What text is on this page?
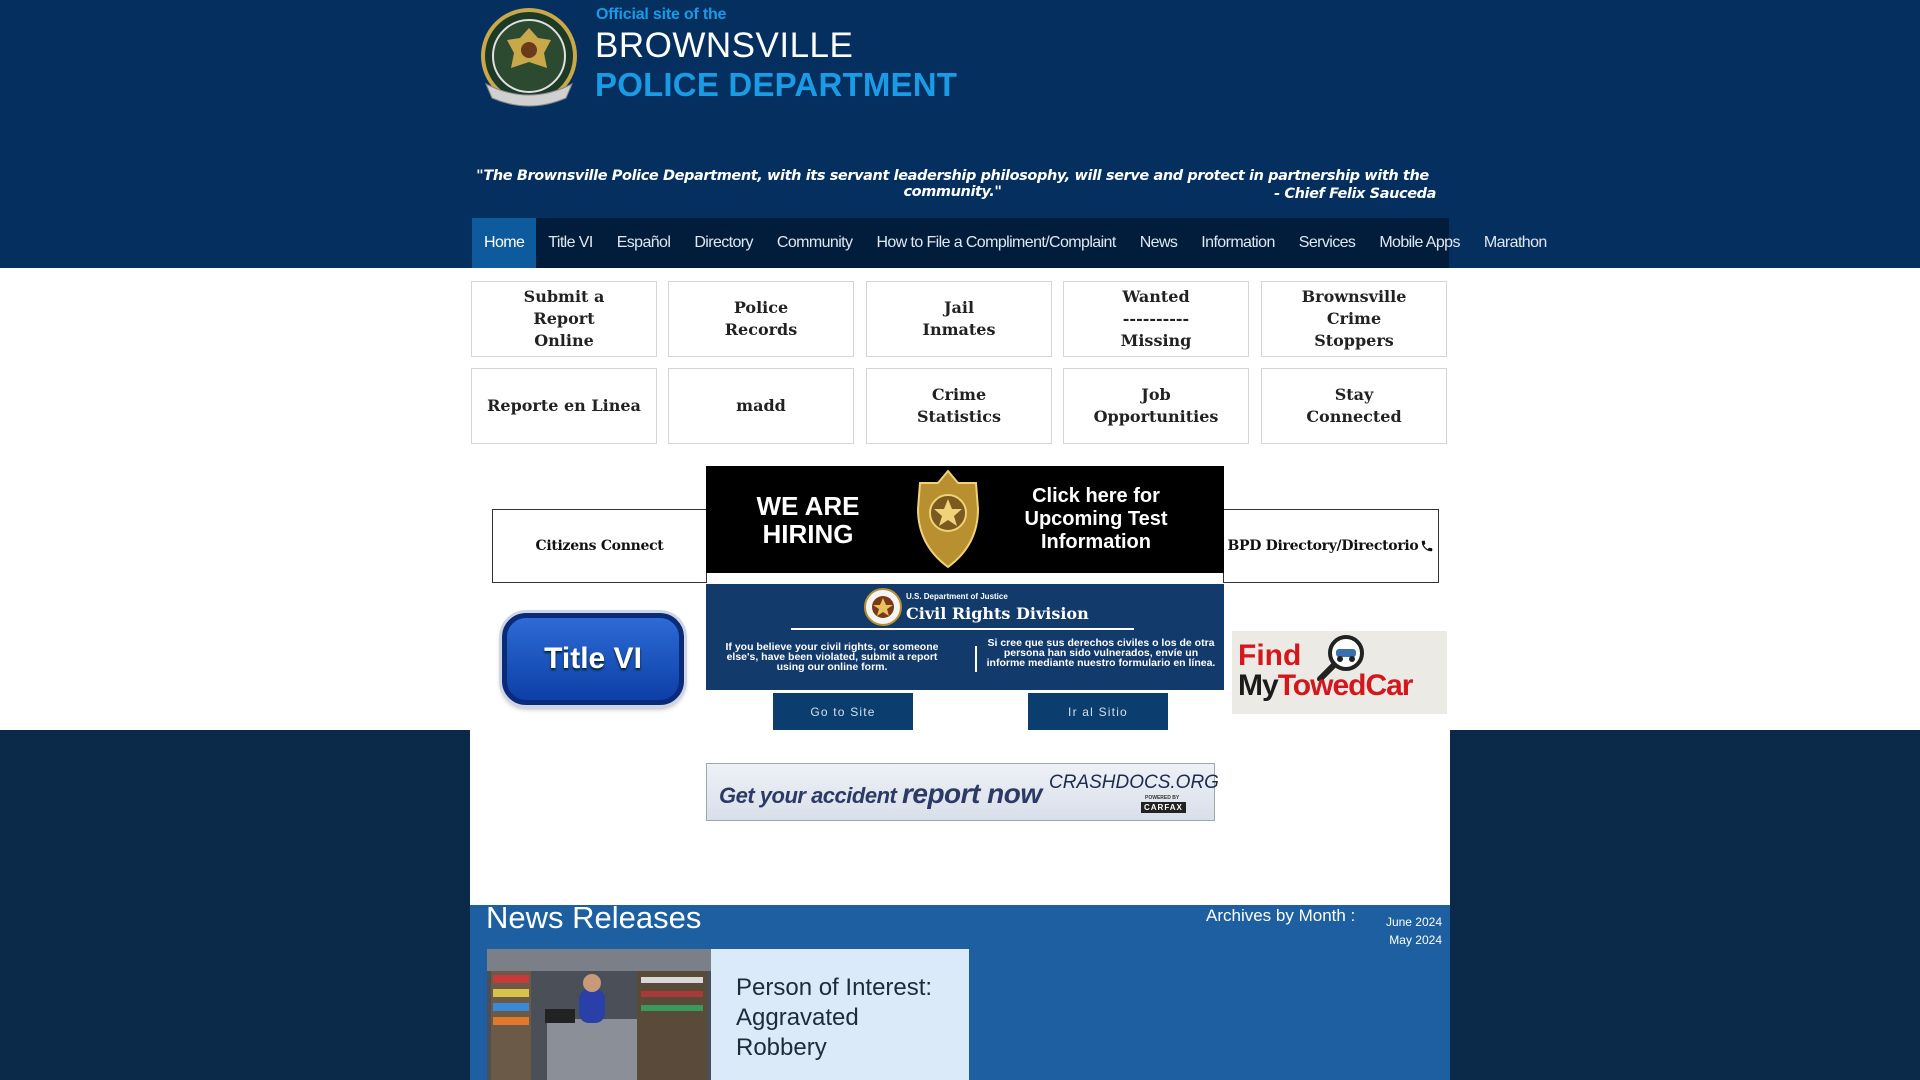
Official site of the
BROWNSVILLE
POLICE DEPARTMENT
"The Brownsville Police Department, with its servant leadership philosophy, will serve and protect in partnership with the community."	- Chief Felix Sauceda
Home	Title VI	Español	Directory	Community	How to File a Compliment/Complaint	News	Information	Services	Mobile Apps	Marathon
Submit a
Report
Online
Police
Records
Jail
Inmates
Wanted
----------
Missing
Brownsville
Crime
Stoppers
Reporte en Linea	madd
Crime
Statistics
Job
Opportunities
Stay
Connected
Citizens Connect	BPD Directory/Directorio
WE ARE HIRING
Click here for Upcoming Test Information
U.S. Department of Justice
Civil Rights Division
If you believe your civil rights, or someone else's, have been violated, submit a report using our online form.
Si cree que sus derechos civiles o los de otra persona han sido vulnerados, envíe un informe mediante nuestro formulario en línea.
Go to Site	Ir al Sitio
Title VI	Find
MyTowedCar
Get your accident report now CRASHDOCS.ORG
POWERED BY
CARFAX
News Releases	Archives by Month :	June 2024
May 2024
Person of Interest: Aggravated Robbery
